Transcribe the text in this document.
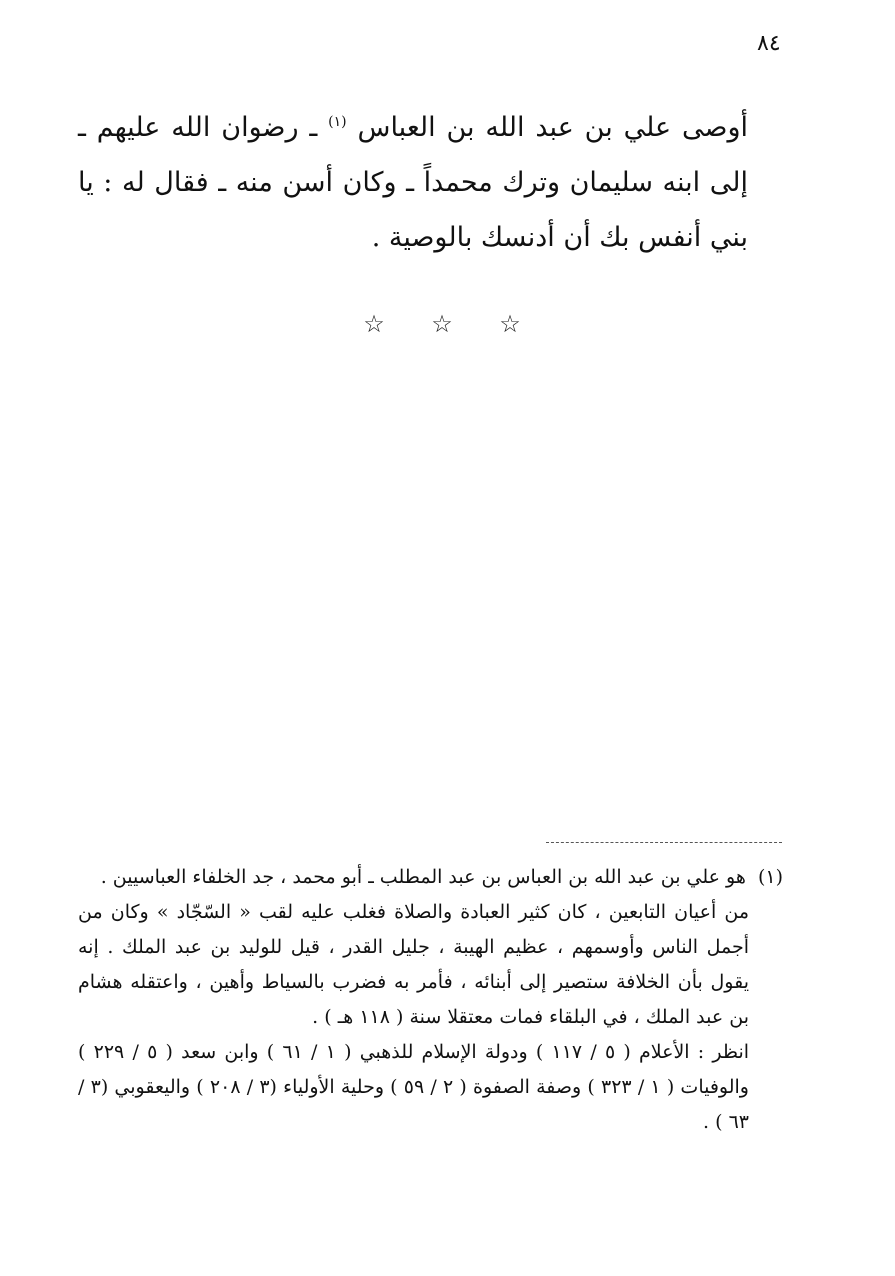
٨٤
أوصى علي بن عبد الله بن العباس $^{(١)}$ ـ رضوان الله عليهم ـ إلى ابنه سليمان وترك محمداً ـ وكان أسن منه ـ فقال له : يا بني أنفس بك أن أدنسك بالوصية .
☆ ☆ ☆
(١) هو علي بن عبد الله بن العباس بن عبد المطلب ـ أبو محمد ، جد الخلفاء العباسيين .
من أعيان التابعين ، كان كثير العبادة والصلاة فغلب عليه لقب « السّجّاد » وكان من أجمل الناس وأوسمهم ، عظيم الهيبة ، جليل القدر ، قيل للوليد بن عبد الملك . إنه يقول بأن الخلافة ستصير إلى أبنائه ، فأمر به فضرب بالسياط وأهين ، واعتقله هشام بن عبد الملك ، في البلقاء فمات معتقلا سنة ( ١١٨ هـ ) .
انظر : الأعلام ( ٥ / ١١٧ ) ودولة الإسلام للذهبي ( ١ / ٦١ ) وابن سعد ( ٥ / ٢٢٩ ) والوفيات ( ١ / ٣٢٣ ) وصفة الصفوة ( ٢ / ٥٩ ) وحلية الأولياء (٣ / ٢٠٨ ) واليعقوبي (٣ / ٦٣ ) .
